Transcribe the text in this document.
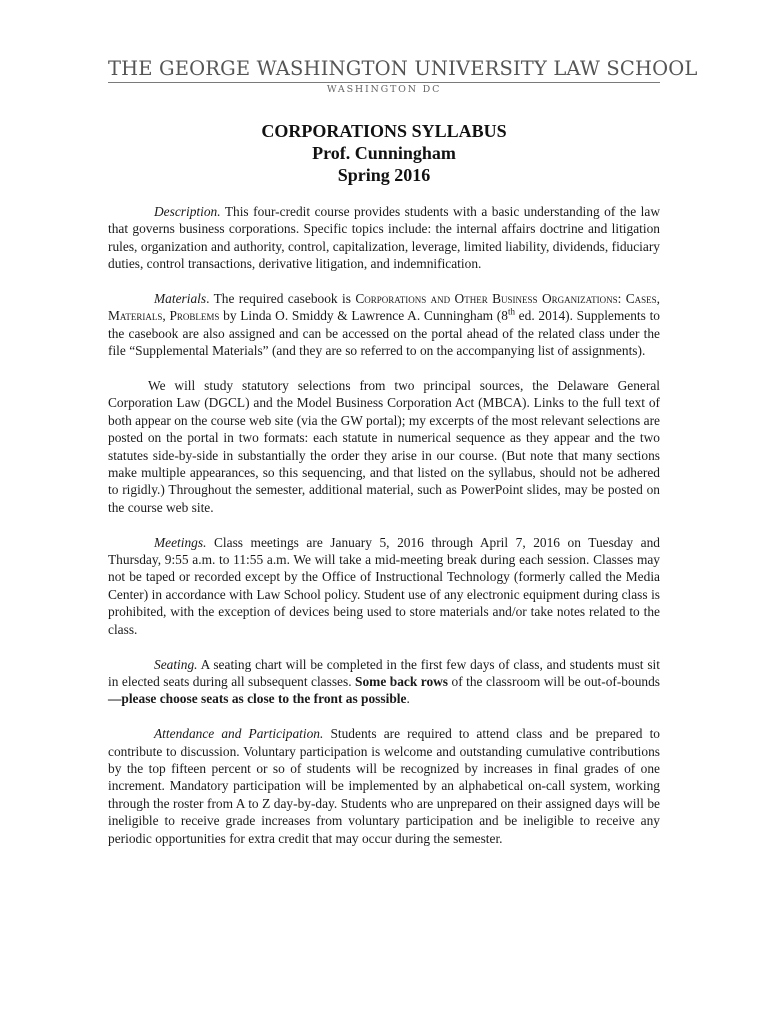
THE GEORGE WASHINGTON UNIVERSITY LAW SCHOOL
WASHINGTON DC
CORPORATIONS SYLLABUS
Prof. Cunningham
Spring 2016

Description. This four-credit course provides students with a basic understanding of the law that governs business corporations. Specific topics include: the internal affairs doctrine and litigation rules, organization and authority, control, capitalization, leverage, limited liability, dividends, fiduciary duties, control transactions, derivative litigation, and indemnification.

Materials. The required casebook is Corporations and Other Business Organizations: Cases, Materials, Problems by Linda O. Smiddy & Lawrence A. Cunningham (8th ed. 2014). Supplements to the casebook are also assigned and can be accessed on the portal ahead of the related class under the file “Supplemental Materials” (and they are so referred to on the accompanying list of assignments).

We will study statutory selections from two principal sources, the Delaware General Corporation Law (DGCL) and the Model Business Corporation Act (MBCA). Links to the full text of both appear on the course web site (via the GW portal); my excerpts of the most relevant selections are posted on the portal in two formats: each statute in numerical sequence as they appear and the two statutes side-by-side in substantially the order they arise in our course. (But note that many sections make multiple appearances, so this sequencing, and that listed on the syllabus, should not be adhered to rigidly.) Throughout the semester, additional material, such as PowerPoint slides, may be posted on the course web site.

Meetings. Class meetings are January 5, 2016 through April 7, 2016 on Tuesday and Thursday, 9:55 a.m. to 11:55 a.m. We will take a mid-meeting break during each session. Classes may not be taped or recorded except by the Office of Instructional Technology (formerly called the Media Center) in accordance with Law School policy. Student use of any electronic equipment during class is prohibited, with the exception of devices being used to store materials and/or take notes related to the class.

Seating. A seating chart will be completed in the first few days of class, and students must sit in elected seats during all subsequent classes. Some back rows of the classroom will be out-of-bounds—please choose seats as close to the front as possible.

Attendance and Participation. Students are required to attend class and be prepared to contribute to discussion. Voluntary participation is welcome and outstanding cumulative contributions by the top fifteen percent or so of students will be recognized by increases in final grades of one increment. Mandatory participation will be implemented by an alphabetical on-call system, working through the roster from A to Z day-by-day. Students who are unprepared on their assigned days will be ineligible to receive grade increases from voluntary participation and be ineligible to receive any periodic opportunities for extra credit that may occur during the semester.
